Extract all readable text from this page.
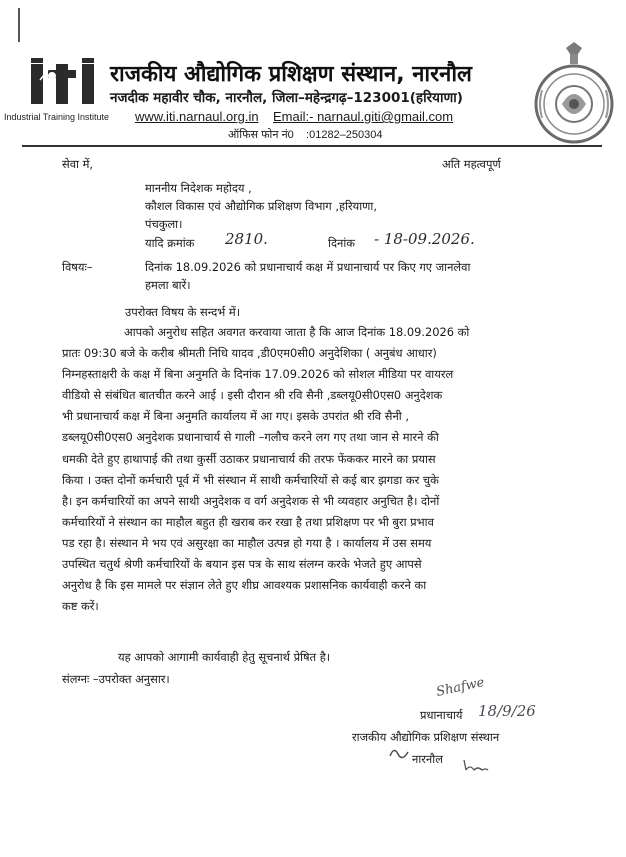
Industrial Training Institute
राजकीय औद्योगिक प्रशिक्षण संस्थान, नारनौल
नजदीक महावीर चौक, नारनौल, जिला–महेन्द्रगढ़–123001(हरियाणा)
www.iti.narnaul.org.in Email:- narnaul.giti@gmail.com
ऑफिस फोन नं0 :01282–250304
सेवा में,	अति महत्वपूर्ण
माननीय निदेशक महोदय ,
कौशल विकास एवं औद्योगिक प्रशिक्षण विभाग ,हरियाणा,
पंचकुला।
यादि क्रमांक 2810.	दिनांक - 18-09.2026.
विषयः–	दिनांक 18.09.2026 को प्रधानाचार्य कक्ष में प्रधानाचार्य पर किए गए जानलेवा
हमला बारें।
उपरोक्त विषय के सन्दर्भ में।
आपको अनुरोध सहित अवगत करवाया जाता है कि आज दिनांक 18.09.2026 को
प्रातः 09:30 बजे के करीब श्रीमती निधि यादव ,डी0एम0सी0 अनुदेशिका ( अनुबंध आधार)
निम्नहस्ताक्षरी के कक्ष में बिना अनुमति के दिनांक 17.09.2026 को सोशल मीडिया पर वायरल
वीडियो से संबंधित बातचीत करने आई । इसी दौरान श्री रवि सैनी ,डब्लयू0सी0एस0 अनुदेशक
भी प्रधानाचार्य कक्ष में बिना अनुमति कार्यालय में आ गए। इसके उपरांत श्री रवि सैनी ,
डब्लयू0सी0एस0 अनुदेशक प्रधानाचार्य से गाली –गलौच करने लग गए तथा जान से मारने की
धमकी देते हुए हाथापाई की तथा कुर्सी उठाकर प्रधानाचार्य की तरफ फेंककर मारने का प्रयास
किया । उक्त दोनों कर्मचारी पूर्व में भी संस्थान में साथी कर्मचारियों से कई बार झगडा कर चुके
है। इन कर्मचारियों का अपने साथी अनुदेशक व वर्ग अनुदेशक से भी व्यवहार अनुचित है। दोनों
कर्मचारियों ने संस्थान का माहौल बहुत ही खराब कर रखा है तथा प्रशिक्षण पर भी बुरा प्रभाव
पड रहा है। संस्थान मे भय एवं असुरक्षा का माहौल उत्पन्न हो गया है । कार्यालय में उस समय
उपस्थित चतुर्थ श्रेणी कर्मचारियों के बयान इस पत्र के साथ संलग्न करके भेजते हुए आपसे
अनुरोध है कि इस मामले पर संज्ञान लेते हुए शीघ्र आवश्यक प्रशासनिक कार्यवाही करने का
कष्ट करें।
यह आपको आगामी कार्यवाही हेतु सूचनार्थ प्रेषित है।
संलग्नः –उपरोक्त अनुसार।	Shafwe
प्रधानाचार्य 18/9/26
राजकीय औद्योगिक प्रशिक्षण संस्थान
नारनौल
